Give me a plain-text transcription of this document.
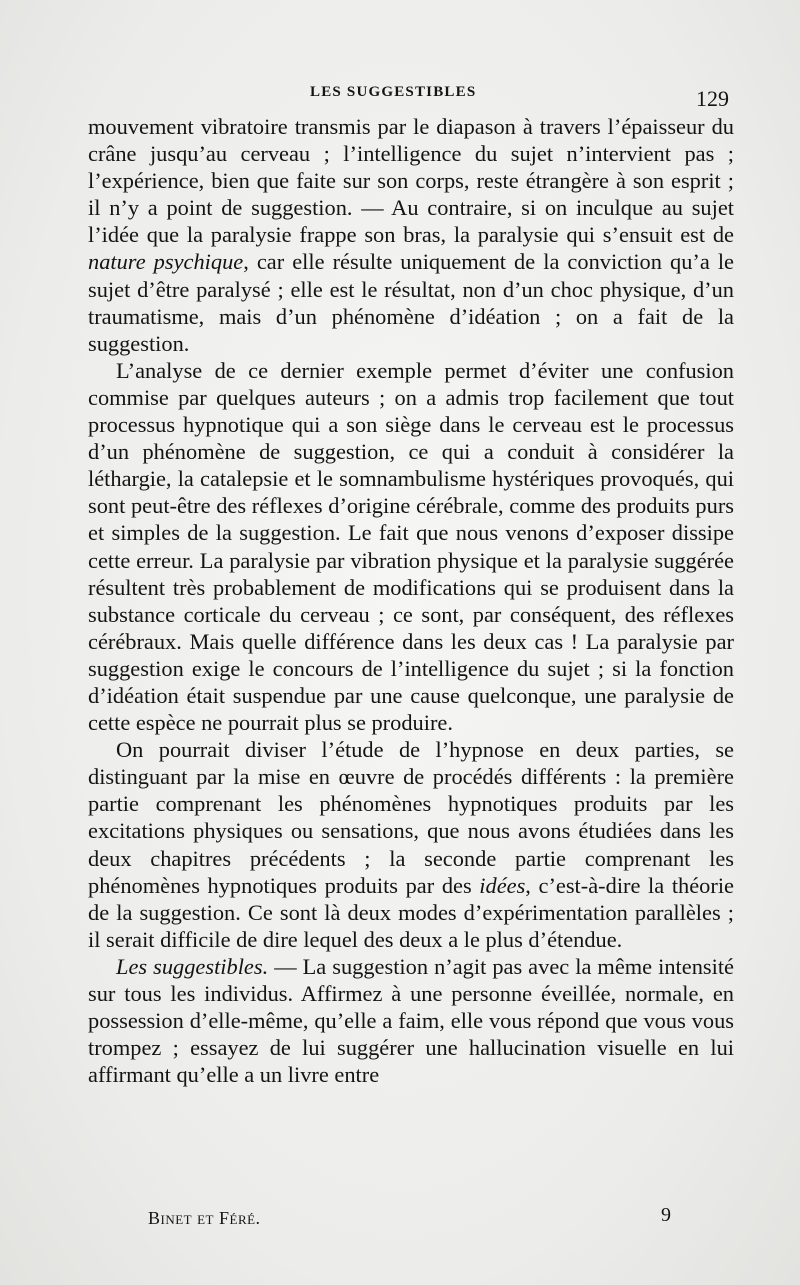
LES SUGGESTIBLES	129

mouvement vibratoire transmis par le diapason à travers l’épaisseur du crâne jusqu’au cerveau ; l’intelligence du sujet n’intervient pas ; l’expérience, bien que faite sur son corps, reste étrangère à son esprit ; il n’y a point de suggestion. — Au contraire, si on inculque au sujet l’idée que la paralysie frappe son bras, la paralysie qui s’ensuit est de nature psychique, car elle résulte uniquement de la conviction qu’a le sujet d’être paralysé ; elle est le résultat, non d’un choc physique, d’un traumatisme, mais d’un phénomène d’idéation ; on a fait de la suggestion.

L’analyse de ce dernier exemple permet d’éviter une confusion commise par quelques auteurs ; on a admis trop facilement que tout processus hypnotique qui a son siège dans le cerveau est le processus d’un phénomène de suggestion, ce qui a conduit à considérer la léthargie, la catalepsie et le somnambulisme hystériques provoqués, qui sont peut-être des réflexes d’origine cérébrale, comme des produits purs et simples de la suggestion. Le fait que nous venons d’exposer dissipe cette erreur. La paralysie par vibration physique et la paralysie suggérée résultent très probablement de modifications qui se produisent dans la substance corticale du cerveau ; ce sont, par conséquent, des réflexes cérébraux. Mais quelle différence dans les deux cas ! La paralysie par suggestion exige le concours de l’intelligence du sujet ; si la fonction d’idéation était suspendue par une cause quelconque, une paralysie de cette espèce ne pourrait plus se produire.

On pourrait diviser l’étude de l’hypnose en deux parties, se distinguant par la mise en œuvre de procédés différents : la première partie comprenant les phénomènes hypnotiques produits par les excitations physiques ou sensations, que nous avons étudiées dans les deux chapitres précédents ; la seconde partie comprenant les phénomènes hypnotiques produits par des idées, c’est-à-dire la théorie de la suggestion. Ce sont là deux modes d’expérimentation parallèles ; il serait difficile de dire lequel des deux a le plus d’étendue.

Les suggestibles. — La suggestion n’agit pas avec la même intensité sur tous les individus. Affirmez à une personne éveillée, normale, en possession d’elle-même, qu’elle a faim, elle vous répond que vous vous trompez ; essayez de lui suggérer une hallucination visuelle en lui affirmant qu’elle a un livre entre

Binet et Féré.	9
